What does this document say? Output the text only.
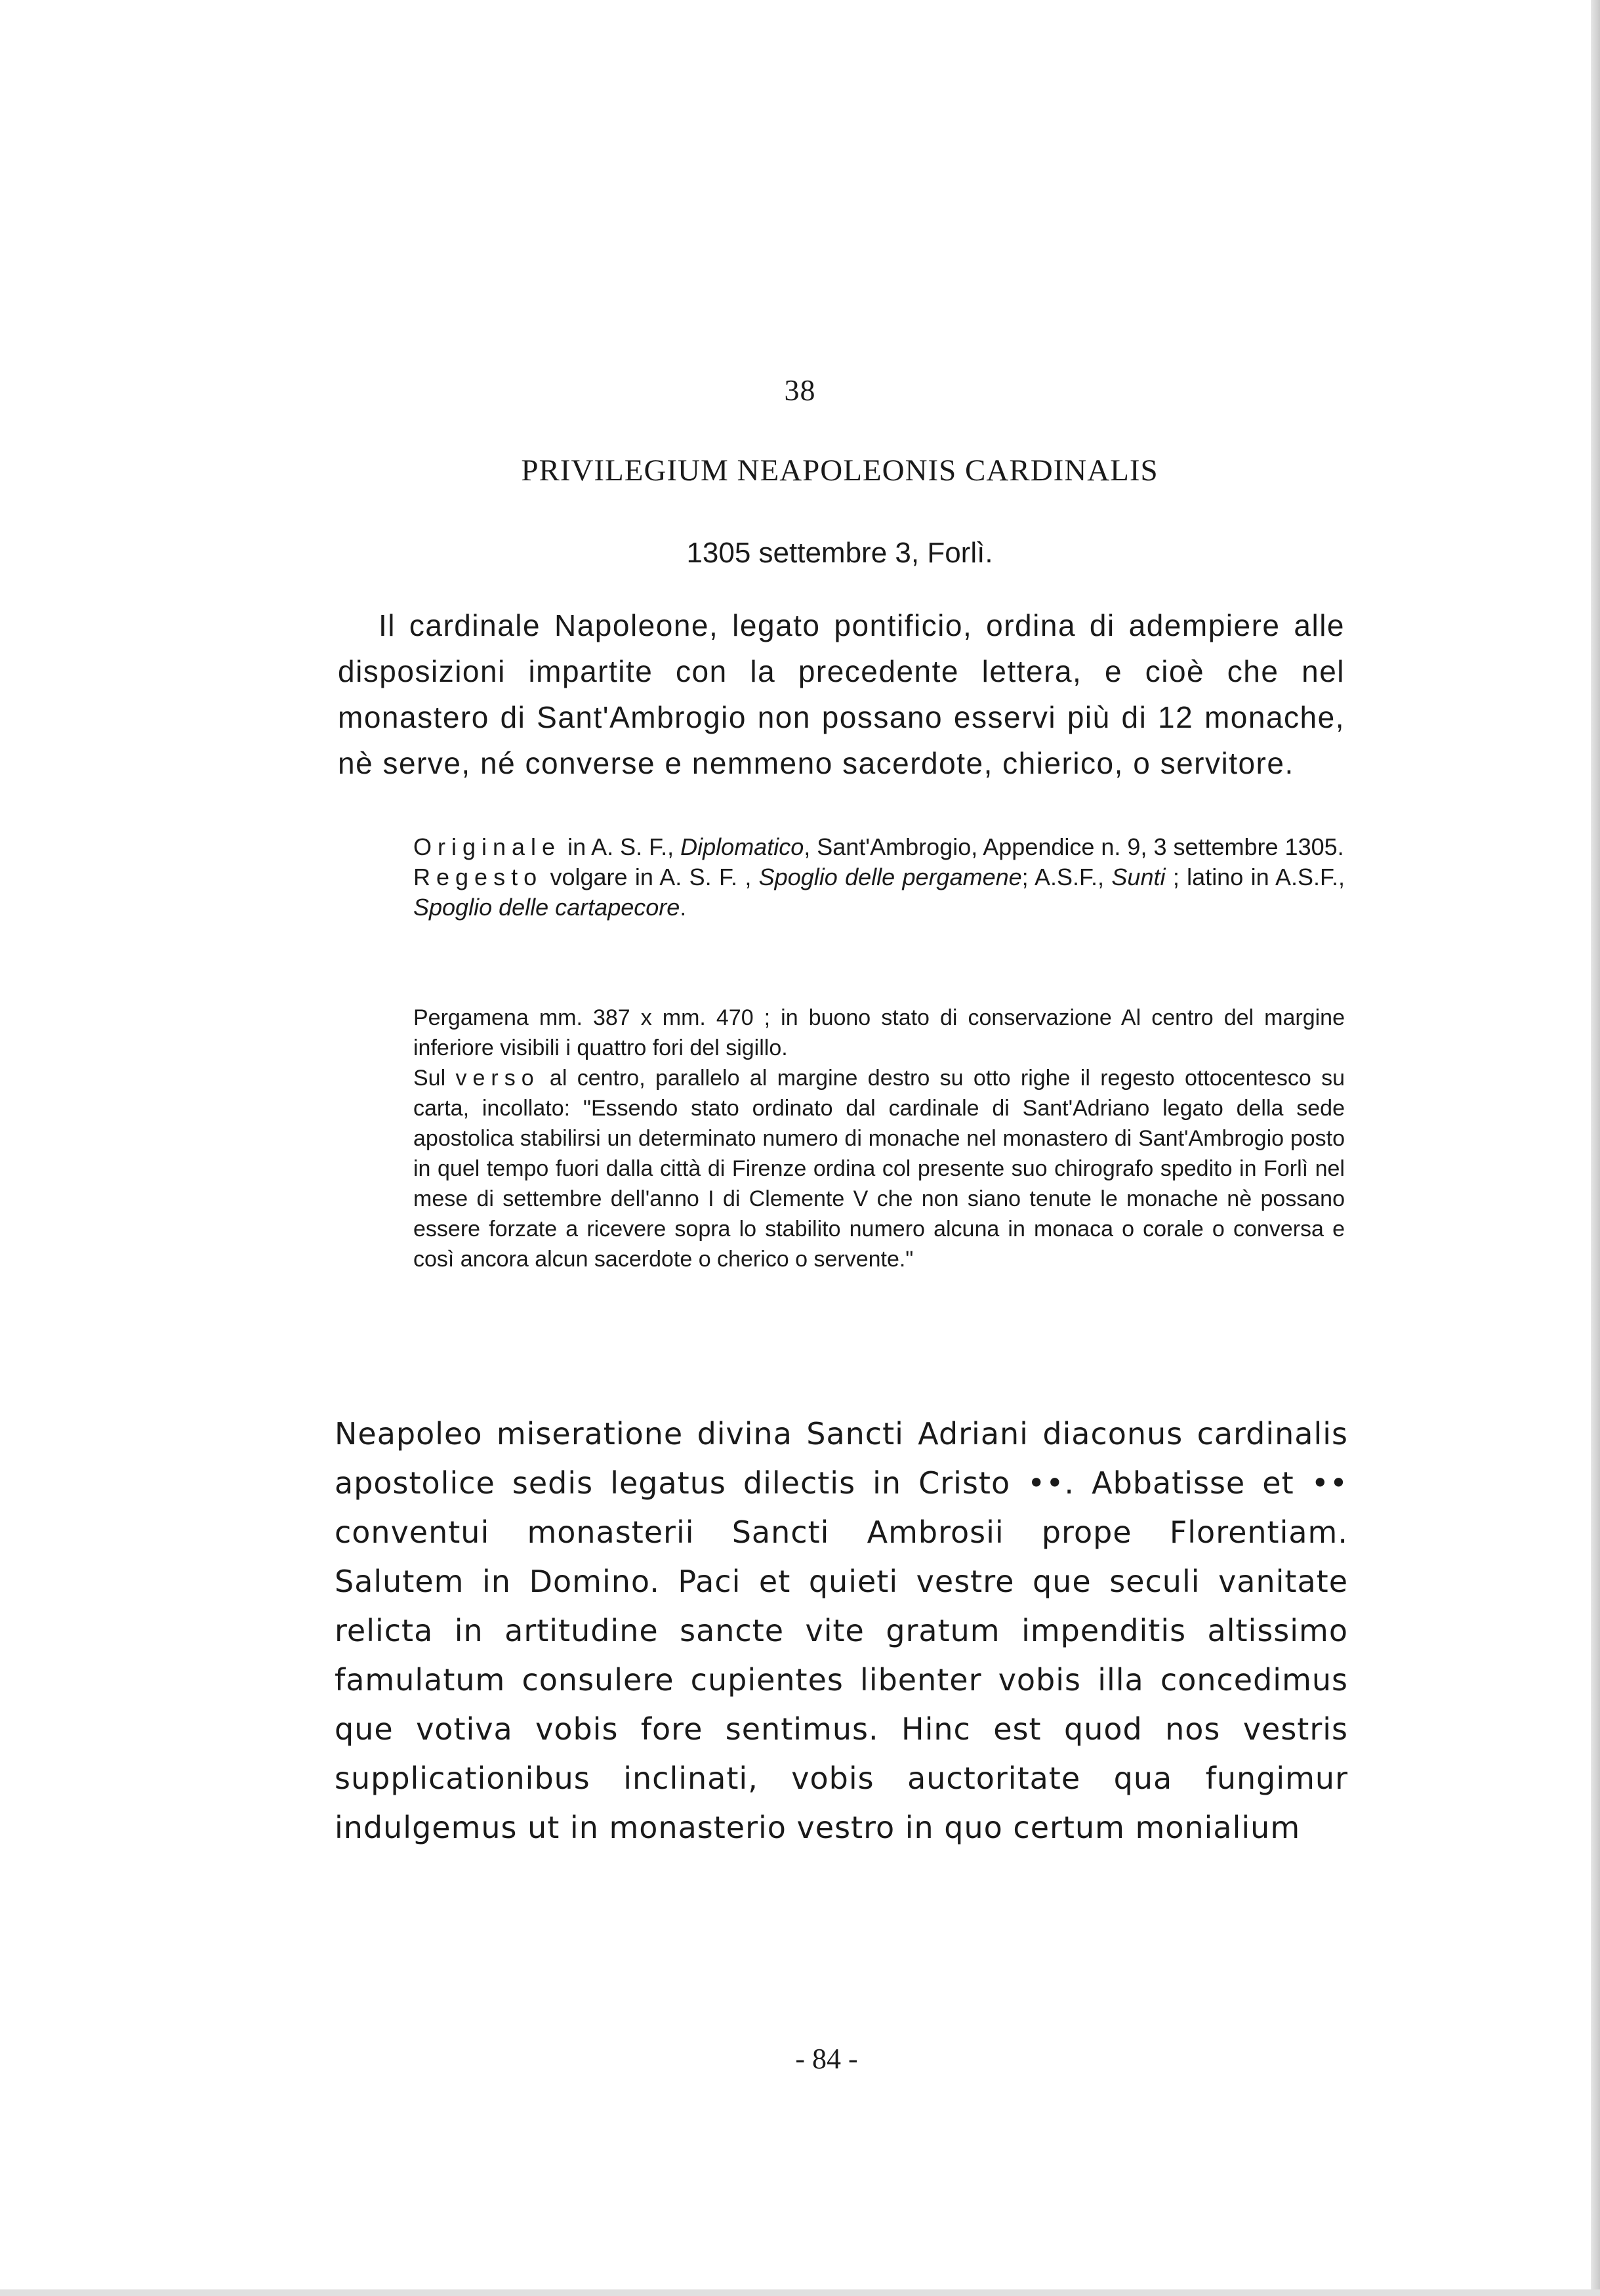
38
PRIVILEGIUM NEAPOLEONIS CARDINALIS
1305 settembre 3, Forlì.

Il cardinale Napoleone, legato pontificio, ordina di adempiere alle disposizioni impartite con la precedente lettera, e cioè che nel monastero di Sant'Ambrogio non possano esservi più di 12 monache, nè serve, né converse e nemmeno sacerdote, chierico, o servitore.

Originale in A. S. F., Diplomatico, Sant'Ambrogio, Appendice n. 9, 3 settembre 1305.

Regesto volgare in A. S. F. , Spoglio delle pergamene; A.S.F., Sunti ; latino in A.S.F., Spoglio delle cartapecore.

Pergamena mm. 387 x mm. 470 ; in buono stato di conservazione Al centro del margine inferiore visibili i quattro fori del sigillo.

Sul verso al centro, parallelo al margine destro su otto righe il regesto ottocentesco su carta, incollato: "Essendo stato ordinato dal cardinale di Sant'Adriano legato della sede apostolica stabilirsi un determinato numero di monache nel monastero di Sant'Ambrogio posto in quel tempo fuori dalla città di Firenze ordina col presente suo chirografo spedito in Forlì nel mese di settembre dell'anno I di Clemente V che non siano tenute le monache nè possano essere forzate a ricevere sopra lo stabilito numero alcuna in monaca o corale o conversa e così ancora alcun sacerdote o cherico o servente."

Neapoleo miseratione divina Sancti Adriani diaconus cardinalis apostolice sedis legatus dilectis in Cristo ••. Abbatisse et •• conventui monasterii Sancti Ambrosii prope Florentiam. Salutem in Domino. Paci et quieti vestre que seculi vanitate relicta in artitudine sancte vite gratum impenditis altissimo famulatum consulere cupientes libenter vobis illa concedimus que votiva vobis fore sentimus. Hinc est quod nos vestris supplicationibus inclinati, vobis auctoritate qua fungimur indulgemus ut in monasterio vestro in quo certum monialium

- 84 -
